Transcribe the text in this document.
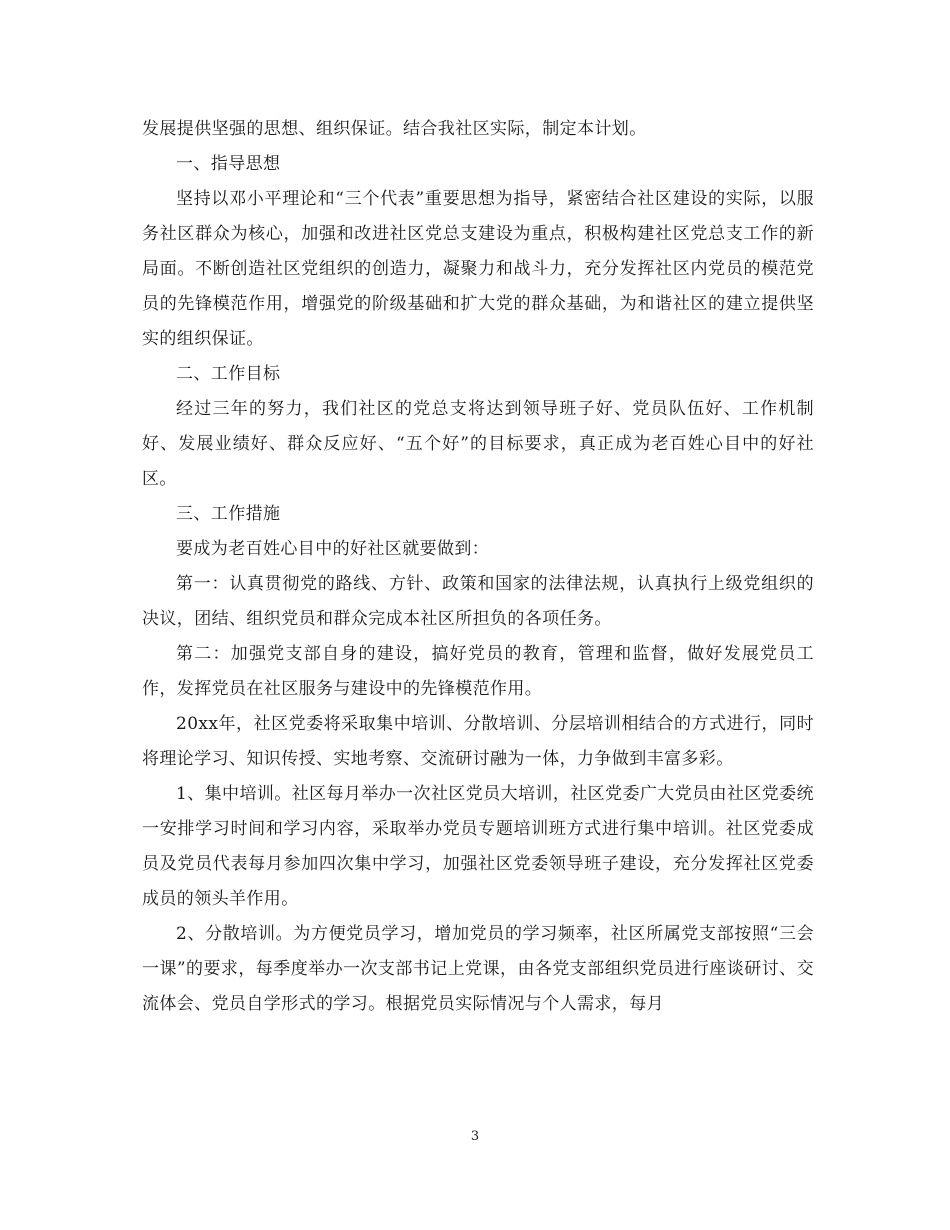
发展提供坚强的思想、组织保证。结合我社区实际，制定本计划。

一、指导思想

坚持以邓小平理论和“三个代表”重要思想为指导，紧密结合社区建设的实际，以服务社区群众为核心，加强和改进社区党总支建设为重点，积极构建社区党总支工作的新局面。不断创造社区党组织的创造力，凝聚力和战斗力，充分发挥社区内党员的模范党员的先锋模范作用，增强党的阶级基础和扩大党的群众基础，为和谐社区的建立提供坚实的组织保证。

二、工作目标

经过三年的努力，我们社区的党总支将达到领导班子好、党员队伍好、工作机制好、发展业绩好、群众反应好、“五个好”的目标要求，真正成为老百姓心目中的好社区。

三、工作措施

要成为老百姓心目中的好社区就要做到：

第一：认真贯彻党的路线、方针、政策和国家的法律法规，认真执行上级党组织的决议，团结、组织党员和群众完成本社区所担负的各项任务。

第二：加强党支部自身的建设，搞好党员的教育，管理和监督，做好发展党员工作，发挥党员在社区服务与建设中的先锋模范作用。

20xx年，社区党委将采取集中培训、分散培训、分层培训相结合的方式进行，同时将理论学习、知识传授、实地考察、交流研讨融为一体，力争做到丰富多彩。

1、集中培训。社区每月举办一次社区党员大培训，社区党委广大党员由社区党委统一安排学习时间和学习内容，采取举办党员专题培训班方式进行集中培训。社区党委成员及党员代表每月参加四次集中学习，加强社区党委领导班子建设，充分发挥社区党委成员的领头羊作用。

2、分散培训。为方便党员学习，增加党员的学习频率，社区所属党支部按照“三会一课”的要求，每季度举办一次支部书记上党课，由各党支部组织党员进行座谈研讨、交流体会、党员自学形式的学习。根据党员实际情况与个人需求，每月

3
